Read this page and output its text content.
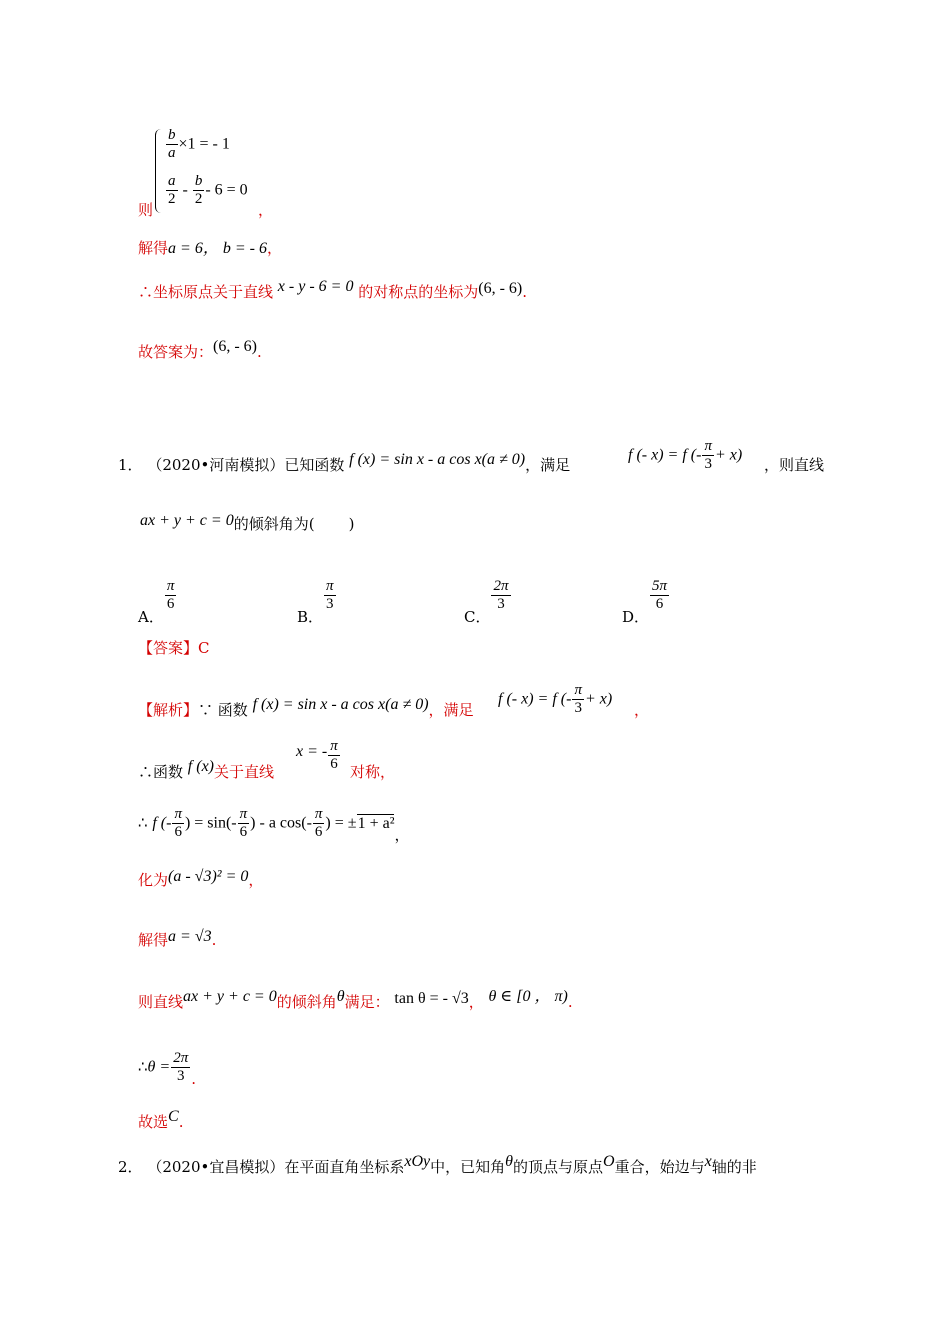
$\frac{b}{a} \times 1$ = - 1
$\frac{a}{2} - \frac{b}{2} - 6 = 0$
则	，
解得a = 6， b = - 6，
∴坐标原点关于直线 x - y - 6 = 0 的对称点的坐标为(6, - 6).
故答案为：(6, - 6).
1． （2020•河南模拟）已知函数 f (x) = sin x - a cos x(a ≠ 0)，满足
f (- x) = f (- $\frac{\pi}{3} + x$)
，则直线
ax + y + c = 0的倾斜角为( )
A．
$\frac{\pi}{6}$
B．
$\frac{\pi}{3}$
C．
$\frac{2\pi}{3}$
D．
$\frac{5\pi}{6}$
【答案】C
【解析】∵ 函数 f (x) = sin x - a cos x(a ≠ 0)，满足
f (- x) = f (- $\frac{\pi}{3} + x$)
，
∴函数 f (x)关于直线
x = - $\frac{\pi}{6}$ 对称，
∴ f (- $\frac{\pi}{6}$ ) = $\sin(- \frac{\pi}{6}$ ) - a $\cos(- \frac{\pi}{6}$ ) = ±1 + a²，
化为(a - √3)² = 0，
解得a = √3.
则直线ax + y + c = 0的倾斜角θ满足： tan θ = - √3， θ ∈ [0 ， π).
∴θ = $\frac{2\pi}{3}$ .
故选C.
2． （2020•宜昌模拟）在平面直角坐标系xOy中，已知角θ的顶点与原点O重合，始边与x轴的非
